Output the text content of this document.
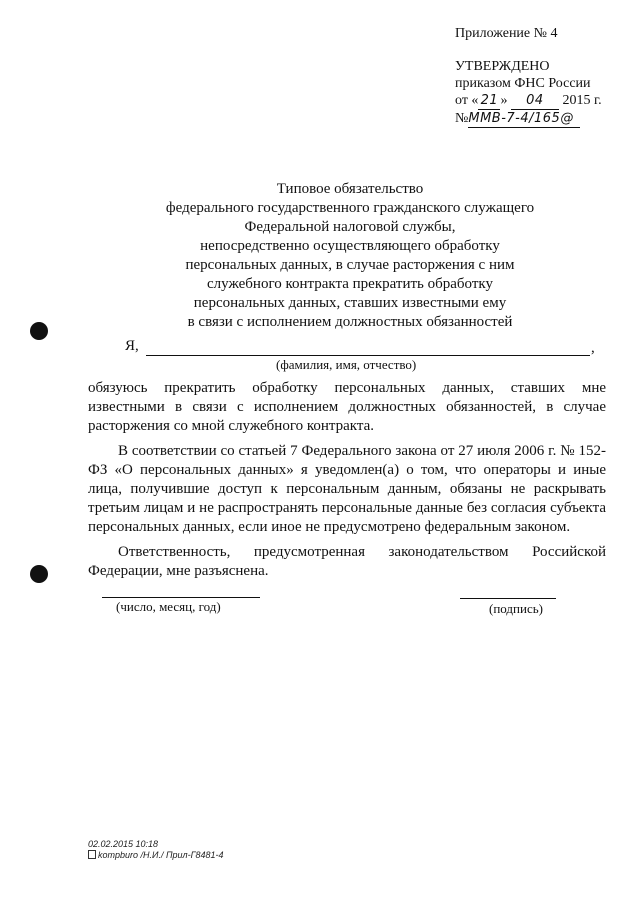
Приложение № 4
УТВЕРЖДЕНО
приказом ФНС России
от « 21 » 04 2015 г.
№ММВ-7-4/165@
Типовое обязательство
федерального государственного гражданского служащего
Федеральной налоговой службы,
непосредственно осуществляющего обработку
персональных данных, в случае расторжения с ним
служебного контракта прекратить обработку
персональных данных, ставших известными ему
в связи с исполнением должностных обязанностей
Я,	,
(фамилия, имя, отчество)

обязуюсь прекратить обработку персональных данных, ставших мне известными в связи с исполнением должностных обязанностей, в случае расторжения со мной служебного контракта.

В соответствии со статьей 7 Федерального закона от 27 июля 2006 г. № 152-ФЗ «О персональных данных» я уведомлен(а) о том, что операторы и иные лица, получившие доступ к персональным данным, обязаны не раскрывать третьим лицам и не распространять персональные данные без согласия субъекта персональных данных, если иное не предусмотрено федеральным законом.

Ответственность, предусмотренная законодательством Российской Федерации, мне разъяснена.

(число, месяц, год)	(подпись)
02.02.2015 10:18
kompburo /Н.И./ Прил-Г8481-4
